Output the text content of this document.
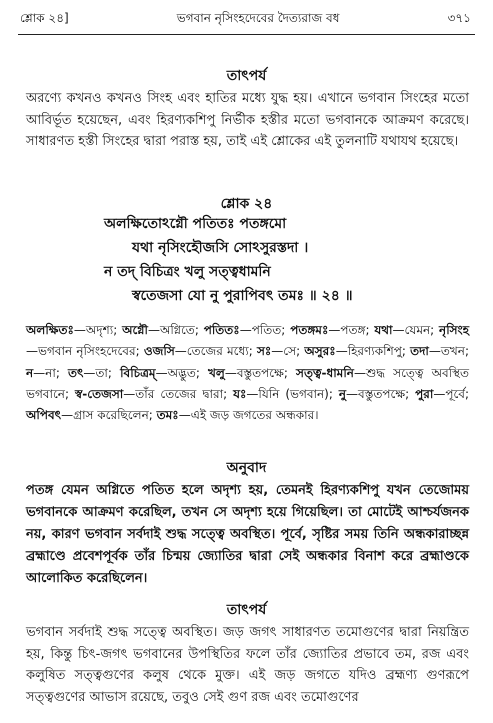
শ্লোক ২৪]	ভগবান নৃসিংহদেবের দৈত্যরাজ বধ	৩৭১
তাৎপর্য
অরণ্যে কখনও কখনও সিংহ এবং হাতির মধ্যে যুদ্ধ হয়। এখানে ভগবান সিংহের মতো আবির্ভূত হয়েছেন, এবং হিরণ্যকশিপু নির্ভীক হস্তীর মতো ভগবানকে আক্রমণ করেছে। সাধারণত হস্তী সিংহের দ্বারা পরাস্ত হয়, তাই এই শ্লোকের এই তুলনাটি যথাযথ হয়েছে।
শ্লোক ২৪
অলক্ষিতোঽগ্নৌ পতিতঃ পতঙ্গমো
যথা নৃসিংহৌজসি সোঽসুরস্তদা ।
ন তদ্ বিচিত্রং খলু সত্ত্বধামনি
স্বতেজসা যো নু পুরাপিবৎ তমঃ ॥ ২৪ ॥
অলক্ষিতঃ—অদৃশ্য; অগ্নৌ—অগ্নিতে; পতিতঃ—পতিত; পতঙ্গমঃ—পতঙ্গ; যথা—যেমন; নৃসিংহ—ভগবান নৃসিংহদেবের; ওজসি—তেজের মধ্যে; সঃ—সে; অসুরঃ—হিরণ্যকশিপু; তদা—তখন; ন—না; তৎ—তা; বিচিত্রম্—অদ্ভুত; খলু—বস্তুতপক্ষে; সত্ত্ব-ধামনি—শুদ্ধ সত্ত্বে অবস্থিত ভগবানে; স্ব-তেজসা—তাঁর তেজের দ্বারা; যঃ—যিনি (ভগবান); নু—বস্তুতপক্ষে; পুরা—পূর্বে; অপিবৎ—গ্রাস করেছিলেন; তমঃ—এই জড় জগতের অন্ধকার।
অনুবাদ
পতঙ্গ যেমন অগ্নিতে পতিত হলে অদৃশ্য হয়, তেমনই হিরণ্যকশিপু যখন তেজোময় ভগবানকে আক্রমণ করেছিল, তখন সে অদৃশ্য হয়ে গিয়েছিল। তা মোটেই আশ্চর্যজনক নয়, কারণ ভগবান সর্বদাই শুদ্ধ সত্ত্বে অবস্থিত। পূর্বে, সৃষ্টির সময় তিনি অন্ধকারাচ্ছন্ন ব্রহ্মাণ্ডে প্রবেশপূর্বক তাঁর চিন্ময় জ্যোতির দ্বারা সেই অন্ধকার বিনাশ করে ব্রহ্মাণ্ডকে আলোকিত করেছিলেন।
তাৎপর্য
ভগবান সর্বদাই শুদ্ধ সত্ত্বে অবস্থিত। জড় জগৎ সাধারণত তমোগুণের দ্বারা নিয়ন্ত্রিত হয়, কিন্তু চিৎ-জগৎ ভগবানের উপস্থিতির ফলে তাঁর জ্যোতির প্রভাবে তম, রজ এবং কলুষিত সত্ত্বগুণের কলুষ থেকে মুক্ত। এই জড় জগতে যদিও ব্রহ্মণ্য গুণরূপে সত্ত্বগুণের আভাস রয়েছে, তবুও সেই গুণ রজ এবং তমোগুণের
